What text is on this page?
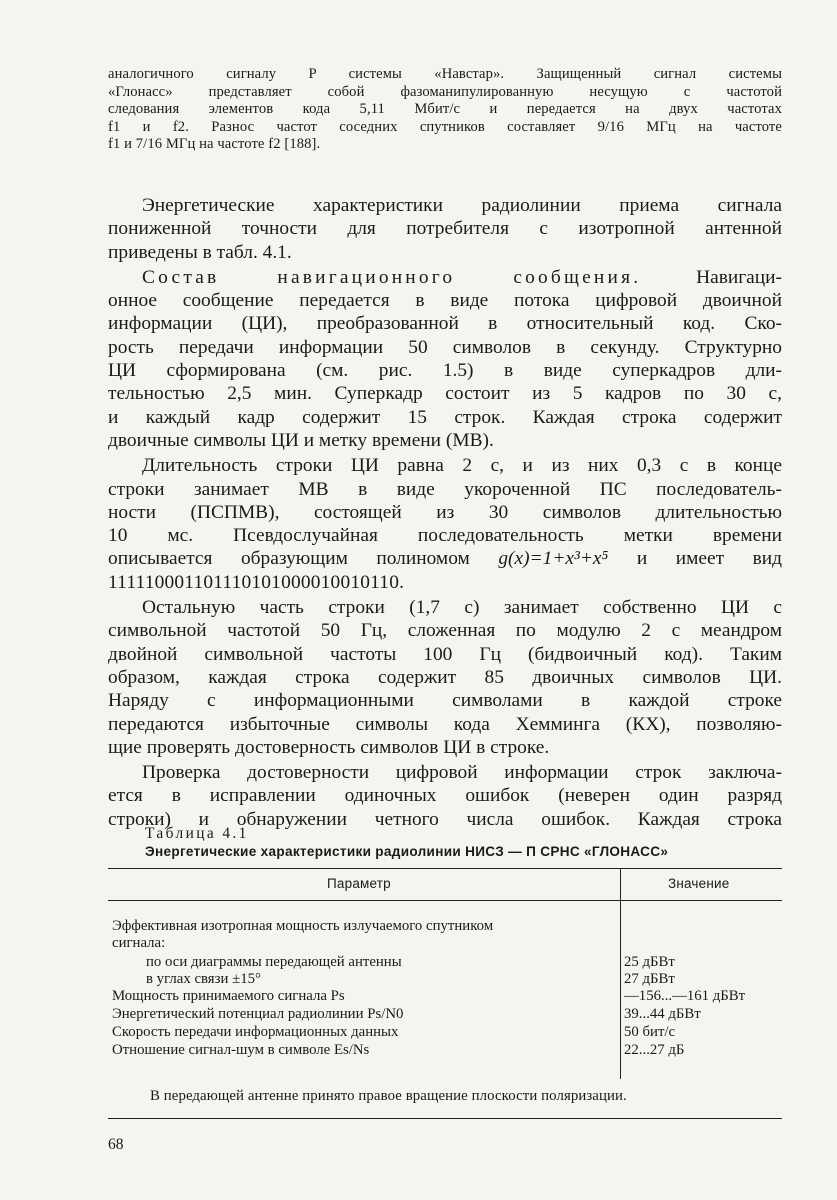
аналогичного сигналу P системы «Навстар». Защищенный сигнал системы
«Глонасс» представляет собой фазоманипулированную несущую с частотой
следования элементов кода 5,11 Мбит/с и передается на двух частотах
f1 и f2. Разнос частот соседних спутников составляет 9/16 МГц на частоте
f1 и 7/16 МГц на частоте f2 [188].
Энергетические характеристики радиолинии приема сигнала
пониженной точности для потребителя с изотропной антенной
приведены в табл. 4.1.
Состав навигационного сообщения.	Навигаци-
онное сообщение передается в виде потока цифровой двоичной
информации (ЦИ), преобразованной в относительный код. Ско-
рость передачи информации 50 символов в секунду. Структурно
ЦИ сформирована (см. рис. 1.5) в виде суперкадров дли-
тельностью 2,5 мин. Суперкадр состоит из 5 кадров по 30 с,
и каждый кадр содержит 15 строк. Каждая строка содержит
двоичные символы ЦИ и метку времени (МВ).
Длительность строки ЦИ равна 2 с, и из них 0,3 с в конце
строки занимает МВ в виде укороченной ПС последователь-
ности (ПСПМВ), состоящей из 30 символов длительностью
10 мс. Псевдослучайная последовательность метки времени
описывается образующим полиномом g(x)=1+x³+x⁵ и имеет вид
111110001101110101000010010110.
Остальную часть строки (1,7 с) занимает собственно ЦИ с
символьной частотой 50 Гц, сложенная по модулю 2 с меандром
двойной символьной частоты 100 Гц (бидвоичный код). Таким
образом, каждая строка содержит 85 двоичных символов ЦИ.
Наряду с информационными символами в каждой строке
передаются избыточные символы кода Хемминга (КХ), позволяю-
щие проверять достоверность символов ЦИ в строке.
Проверка достоверности цифровой информации строк заключа-
ется в исправлении одиночных ошибок (неверен один разряд
строки) и обнаружении четного числа ошибок. Каждая строка
Таблица 4.1
Энергетические характеристики радиолинии НИСЗ — П СРНС «ГЛОНАСС»
Параметр	Значение
Эффективная изотропная мощность излучаемого спутником
сигнала:
по оси диаграммы передающей антенны	25 дБВт
в углах связи ±15°	27 дБВт
Мощность принимаемого сигнала Ps	—156...—161 дБВт
Энергетический потенциал радиолинии Ps/N0	39...44 дБВт
Скорость передачи информационных данных	50 бит/с
Отношение сигнал-шум в символе Es/Ns	22...27 дБ
В передающей антенне принято правое вращение плоскости поляризации.
68
